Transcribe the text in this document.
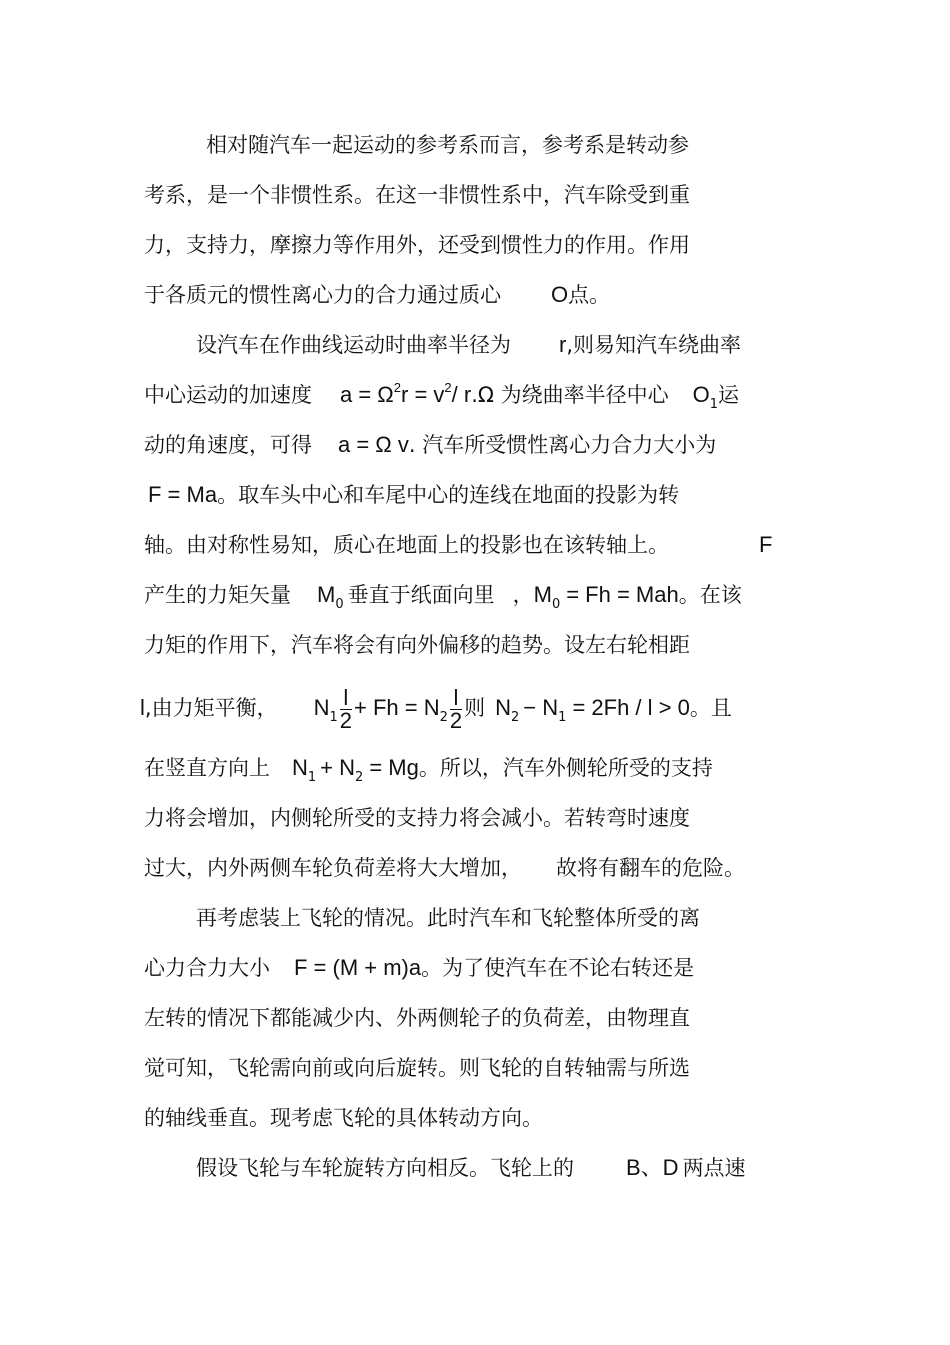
相对随汽车一起运动的参考系而言，参考系是转动参
考系，是一个非惯性系。在这一非惯性系中，汽车除受到重
力，支持力，摩擦力等作用外，还受到惯性力的作用。作用
于各质元的惯性离心力的合力通过质心 O点。
设汽车在作曲线运动时曲率半径为 r,则易知汽车绕曲率
中心运动的加速度 $a = \Omega^2r = v^2/$ r.Ω 为绕曲率半径中心 $O_1$运
动的角速度，可得 a = Ω v. 汽车所受惯性离心力合力大小为
F = Ma。取车头中心和车尾中心的连线在地面的投影为转
轴。由对称性易知，质心在地面上的投影也在该转轴上。	F
产生的力矩矢量 $M_0$ 垂直于纸面向里 ，$M_0 = Fh$ = Mah。在该
力矩的作用下，汽车将会有向外偏移的趋势。设左右轮相距
l,由力矩平衡， $N_1 \frac{l}{2} + Fh = N_2 \frac{l}{2}$ 则 $N_2 - N_1 = 2Fh / l > 0$。且
在竖直方向上 $N_1 + N_2 = Mg$。所以，汽车外侧轮所受的支持
力将会增加，内侧轮所受的支持力将会减小。若转弯时速度
过大，内外两侧车轮负荷差将大大增加， 故将有翻车的危险。
再考虑装上飞轮的情况。此时汽车和飞轮整体所受的离
心力合力大小 F = (M + m)a。为了使汽车在不论右转还是
左转的情况下都能减少内、外两侧轮子的负荷差，由物理直
觉可知，飞轮需向前或向后旋转。则飞轮的自转轴需与所选
的轴线垂直。现考虑飞轮的具体转动方向。
假设飞轮与车轮旋转方向相反。飞轮上的 B、D 两点速
